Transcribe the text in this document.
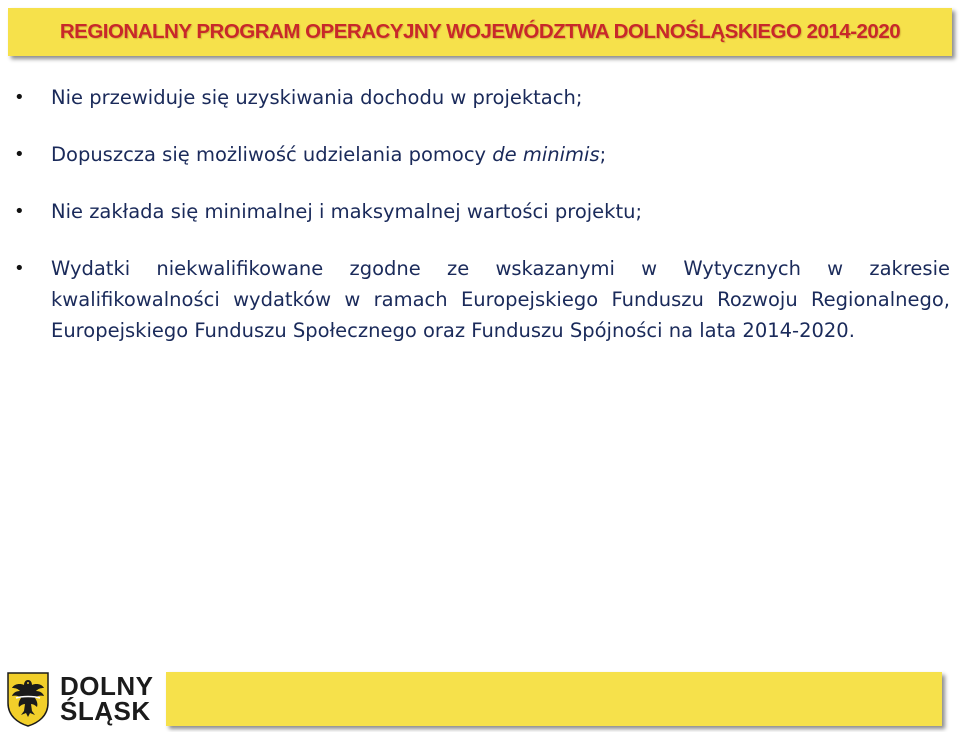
REGIONALNY PROGRAM OPERACYJNY WOJEWÓDZTWA DOLNOŚLĄSKIEGO 2014-2020
• Nie przewiduje się uzyskiwania dochodu w projektach;
• Dopuszcza się możliwość udzielania pomocy de minimis;
• Nie zakłada się minimalnej i maksymalnej wartości projektu;
• Wydatki niekwalifikowane zgodne ze wskazanymi w Wytycznych w zakresie kwalifikowalności wydatków w ramach Europejskiego Funduszu Rozwoju Regionalnego, Europejskiego Funduszu Społecznego oraz Funduszu Spójności na lata 2014-2020.
DOLNY
ŚLĄSK
